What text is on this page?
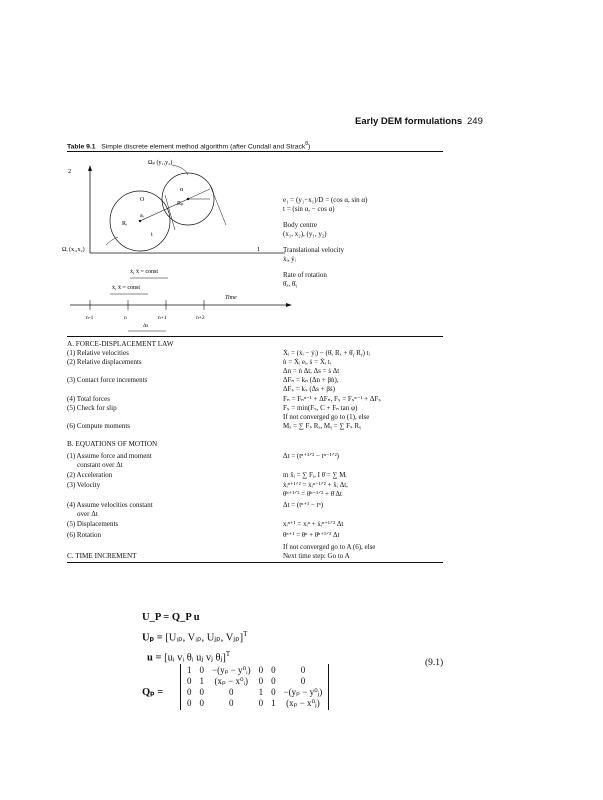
Early DEM formulations 249
Table 9.1 Simple discrete element method algorithm (after Cundall and Strack$^8$)
2
1
Ωₚ (y₁,y₂)
Ωᵢ (x₁,x₂)
α
O
Rₚ
Rᵢ
aᵢ
t
ẋ, ẍ = const
ẋ, ẍ = const
Time
n-1	n	n+1	n+2
Δt
e₁ = (y₁−x₁)/D = (cos α, sin α)
t = (sin α, − cos α)
Body centre
(x₁, x₂), (y₁, y₂)
Translational velocity
ẋᵢ, ẏᵢ
Rate of rotation
θ̇ₓ, θ̇ᵧ
A. FORCE-DISPLACEMENT LAW
(1) Relative velocities	Ẋᵢ = (ẋᵢ − ẏᵢ) − (θ̇ₓ Rₓ + θ̇ᵧ Rᵧ) tᵢ
(2) Relative displacements	ṅ = Ẋᵢ eᵢ, ṡ = Ẋᵢ tᵢ
Δn = ṅ Δt, Δs = ṡ Δt
(3) Contact force increments	ΔFₙ = kₙ (Δn + βṅ),
ΔFₛ = kₛ (Δs + βṡ)
(4) Total forces	Fₙ = Fₙⁿ⁻¹ + ΔFₙ, Fₛ = Fₛⁿ⁻¹ + ΔFₛ
(5) Check for slip	Fₛ = min(Fₛ, C + Fₙ tan φ)
If not converged go to (1), else
(6) Compute moments	Mₓ = ∑ Fₛ Rₓ, Mᵧ = ∑ Fₛ Rᵧ
B. EQUATIONS OF MOTION
(1) Assume force and moment	Δt = (tⁿ⁺¹ᐟ² − tⁿ⁻¹ᐟ²)
constant over Δt
(2) Acceleration	m ẍᵢ = ∑ Fᵢ, I θ̈ = ∑ Mᵢ
(3) Velocity	ẋᵢⁿ⁺¹ᐟ² = ẋᵢⁿ⁻¹ᐟ² + ẍᵢ Δt,
θ̇ⁿ⁺¹ᐟ² = θ̇ⁿ⁻¹ᐟ² + θ̈ Δt
(4) Assume velocities constant	Δt = (tⁿ⁺¹ − tⁿ)
over Δt
(5) Displacements	xᵢⁿ⁺¹ = xᵢⁿ + ẋᵢⁿ⁺¹ᐟ² Δt
(6) Rotation	θⁿ⁺¹ = θⁿ + θ̇ⁿ⁺¹ᐟ² Δt
If not converged go to A (6), else
C. TIME INCREMENT	Next time step: Go to A
U_P = Q_P u
Uₚ = [Uᵢₚ, Vᵢₚ, Uⱼₚ, Vⱼₚ]$^T$
u = [uᵢ vᵢ θᵢ uⱼ vⱼ θⱼ]$^T$
Qₚ =
1	0	−(yₚ − y⁰ᵢ)	0	0	0
0	1	(xₚ − x⁰ᵢ)	0	0	0
0	0	0	1	0	−(yₚ − y⁰ⱼ)
0	0	0	0	1	(xₚ − x⁰ⱼ)
(9.1)
